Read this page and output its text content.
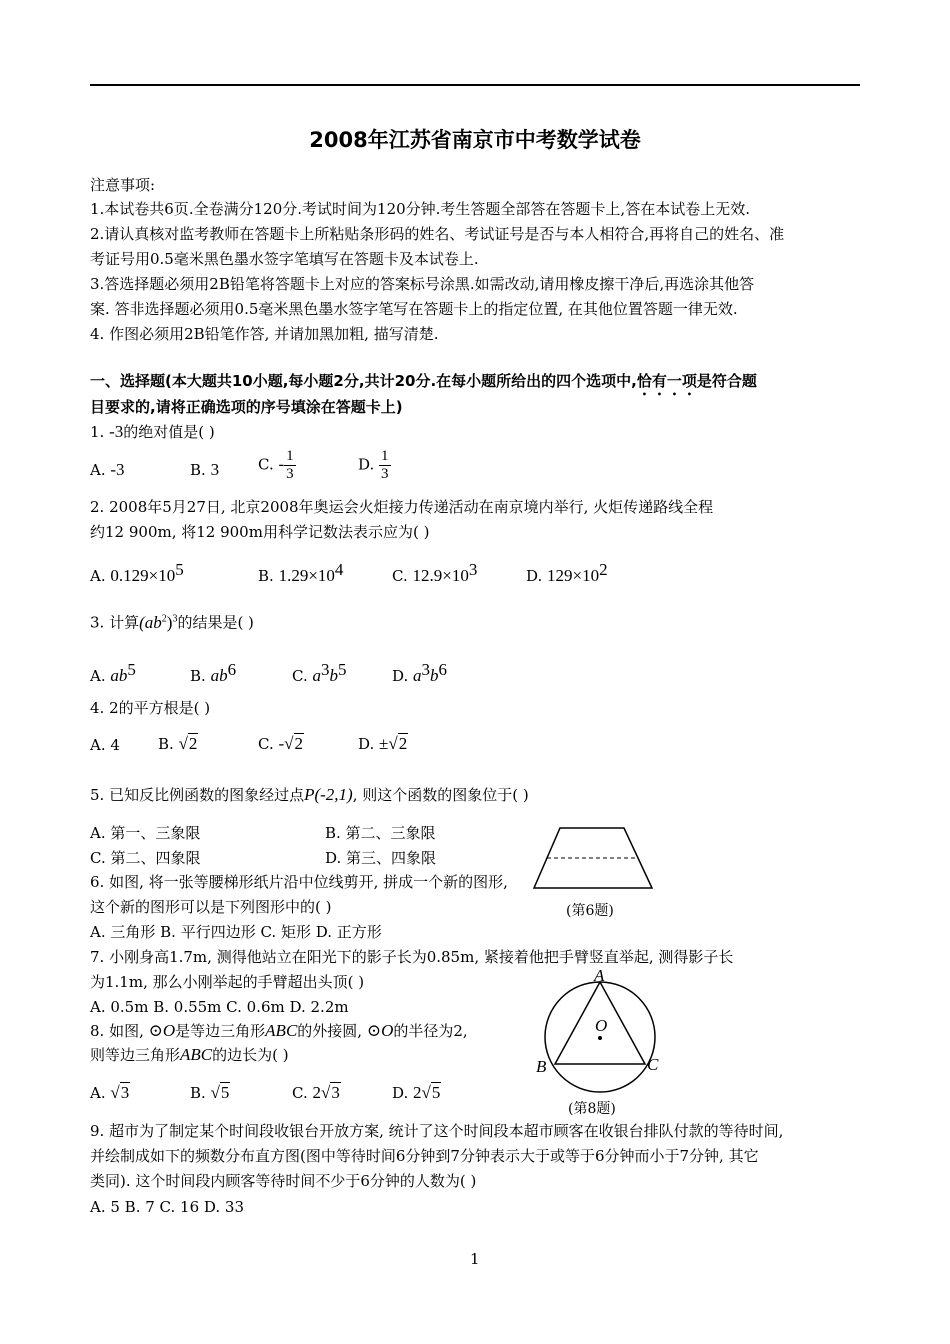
2008年江苏省南京市中考数学试卷
注意事项:
1.本试卷共6页.全卷满分120分.考试时间为120分钟.考生答题全部答在答题卡上,答在本试卷上无效.
2.请认真核对监考教师在答题卡上所粘贴条形码的姓名、考试证号是否与本人相符合,再将自己的姓名、准
考证号用0.5毫米黑色墨水签字笔填写在答题卡及本试卷上.
3.答选择题必须用2B铅笔将答题卡上对应的答案标号涂黑.如需改动,请用橡皮擦干净后,再选涂其他答
案. 答非选择题必须用0.5毫米黑色墨水签字笔写在答题卡上的指定位置, 在其他位置答题一律无效.
4. 作图必须用2B铅笔作答, 并请加黑加粗, 描写清楚.
一、选择题(本大题共10小题,每小题2分,共计20分.在每小题所给出的四个选项中,恰有一项是符合题
目要求的,请将正确选项的序号填涂在答题卡上)
1. -3的绝对值是( )
A. -3	B. 3	C. - $\frac{1}{3}$	D. $\frac{1}{3}$
2. 2008年5月27日, 北京2008年奥运会火炬接力传递活动在南京境内举行, 火炬传递路线全程
约12 900m, 将12 900m用科学记数法表示应为( )
A. $0.129\times 10^5$	B. $1.29\times 10^4$	C. $12.9\times 10^3$	D. $129\times 10^2$
3. 计算$(ab^2)^3$的结果是( )
A. $ab^5$	B. $ab^6$	C. $a^3b^5$	D. $a^3b^6$
4. 2的平方根是( )
A. 4	B. √2	C. -√2	D. ±√2
5. 已知反比例函数的图象经过点P(-2,1), 则这个函数的图象位于( )
A. 第一、三象限	B. 第二、三象限
C. 第二、四象限	D. 第三、四象限
6. 如图, 将一张等腰梯形纸片沿中位线剪开, 拼成一个新的图形,
这个新的图形可以是下列图形中的( )	(第6题)
A. 三角形 B. 平行四边形 C. 矩形 D. 正方形
7. 小刚身高1.7m, 测得他站立在阳光下的影子长为0.85m, 紧接着他把手臂竖直举起, 测得影子长
为1.1m, 那么小刚举起的手臂超出头顶( )
A. 0.5m B. 0.55m C. 0.6m D. 2.2m
A
O
B	C
(第8题)
8. 如图, ⊙O是等边三角形ABC的外接圆, ⊙O的半径为2,
则等边三角形ABC的边长为( )
A. √3	B. √5	C. 2√3	D. 2√5
9. 超市为了制定某个时间段收银台开放方案, 统计了这个时间段本超市顾客在收银台排队付款的等待时间,
并绘制成如下的频数分布直方图(图中等待时间6分钟到7分钟表示大于或等于6分钟而小于7分钟, 其它
类同). 这个时间段内顾客等待时间不少于6分钟的人数为( )
A. 5 B. 7 C. 16 D. 33
1
